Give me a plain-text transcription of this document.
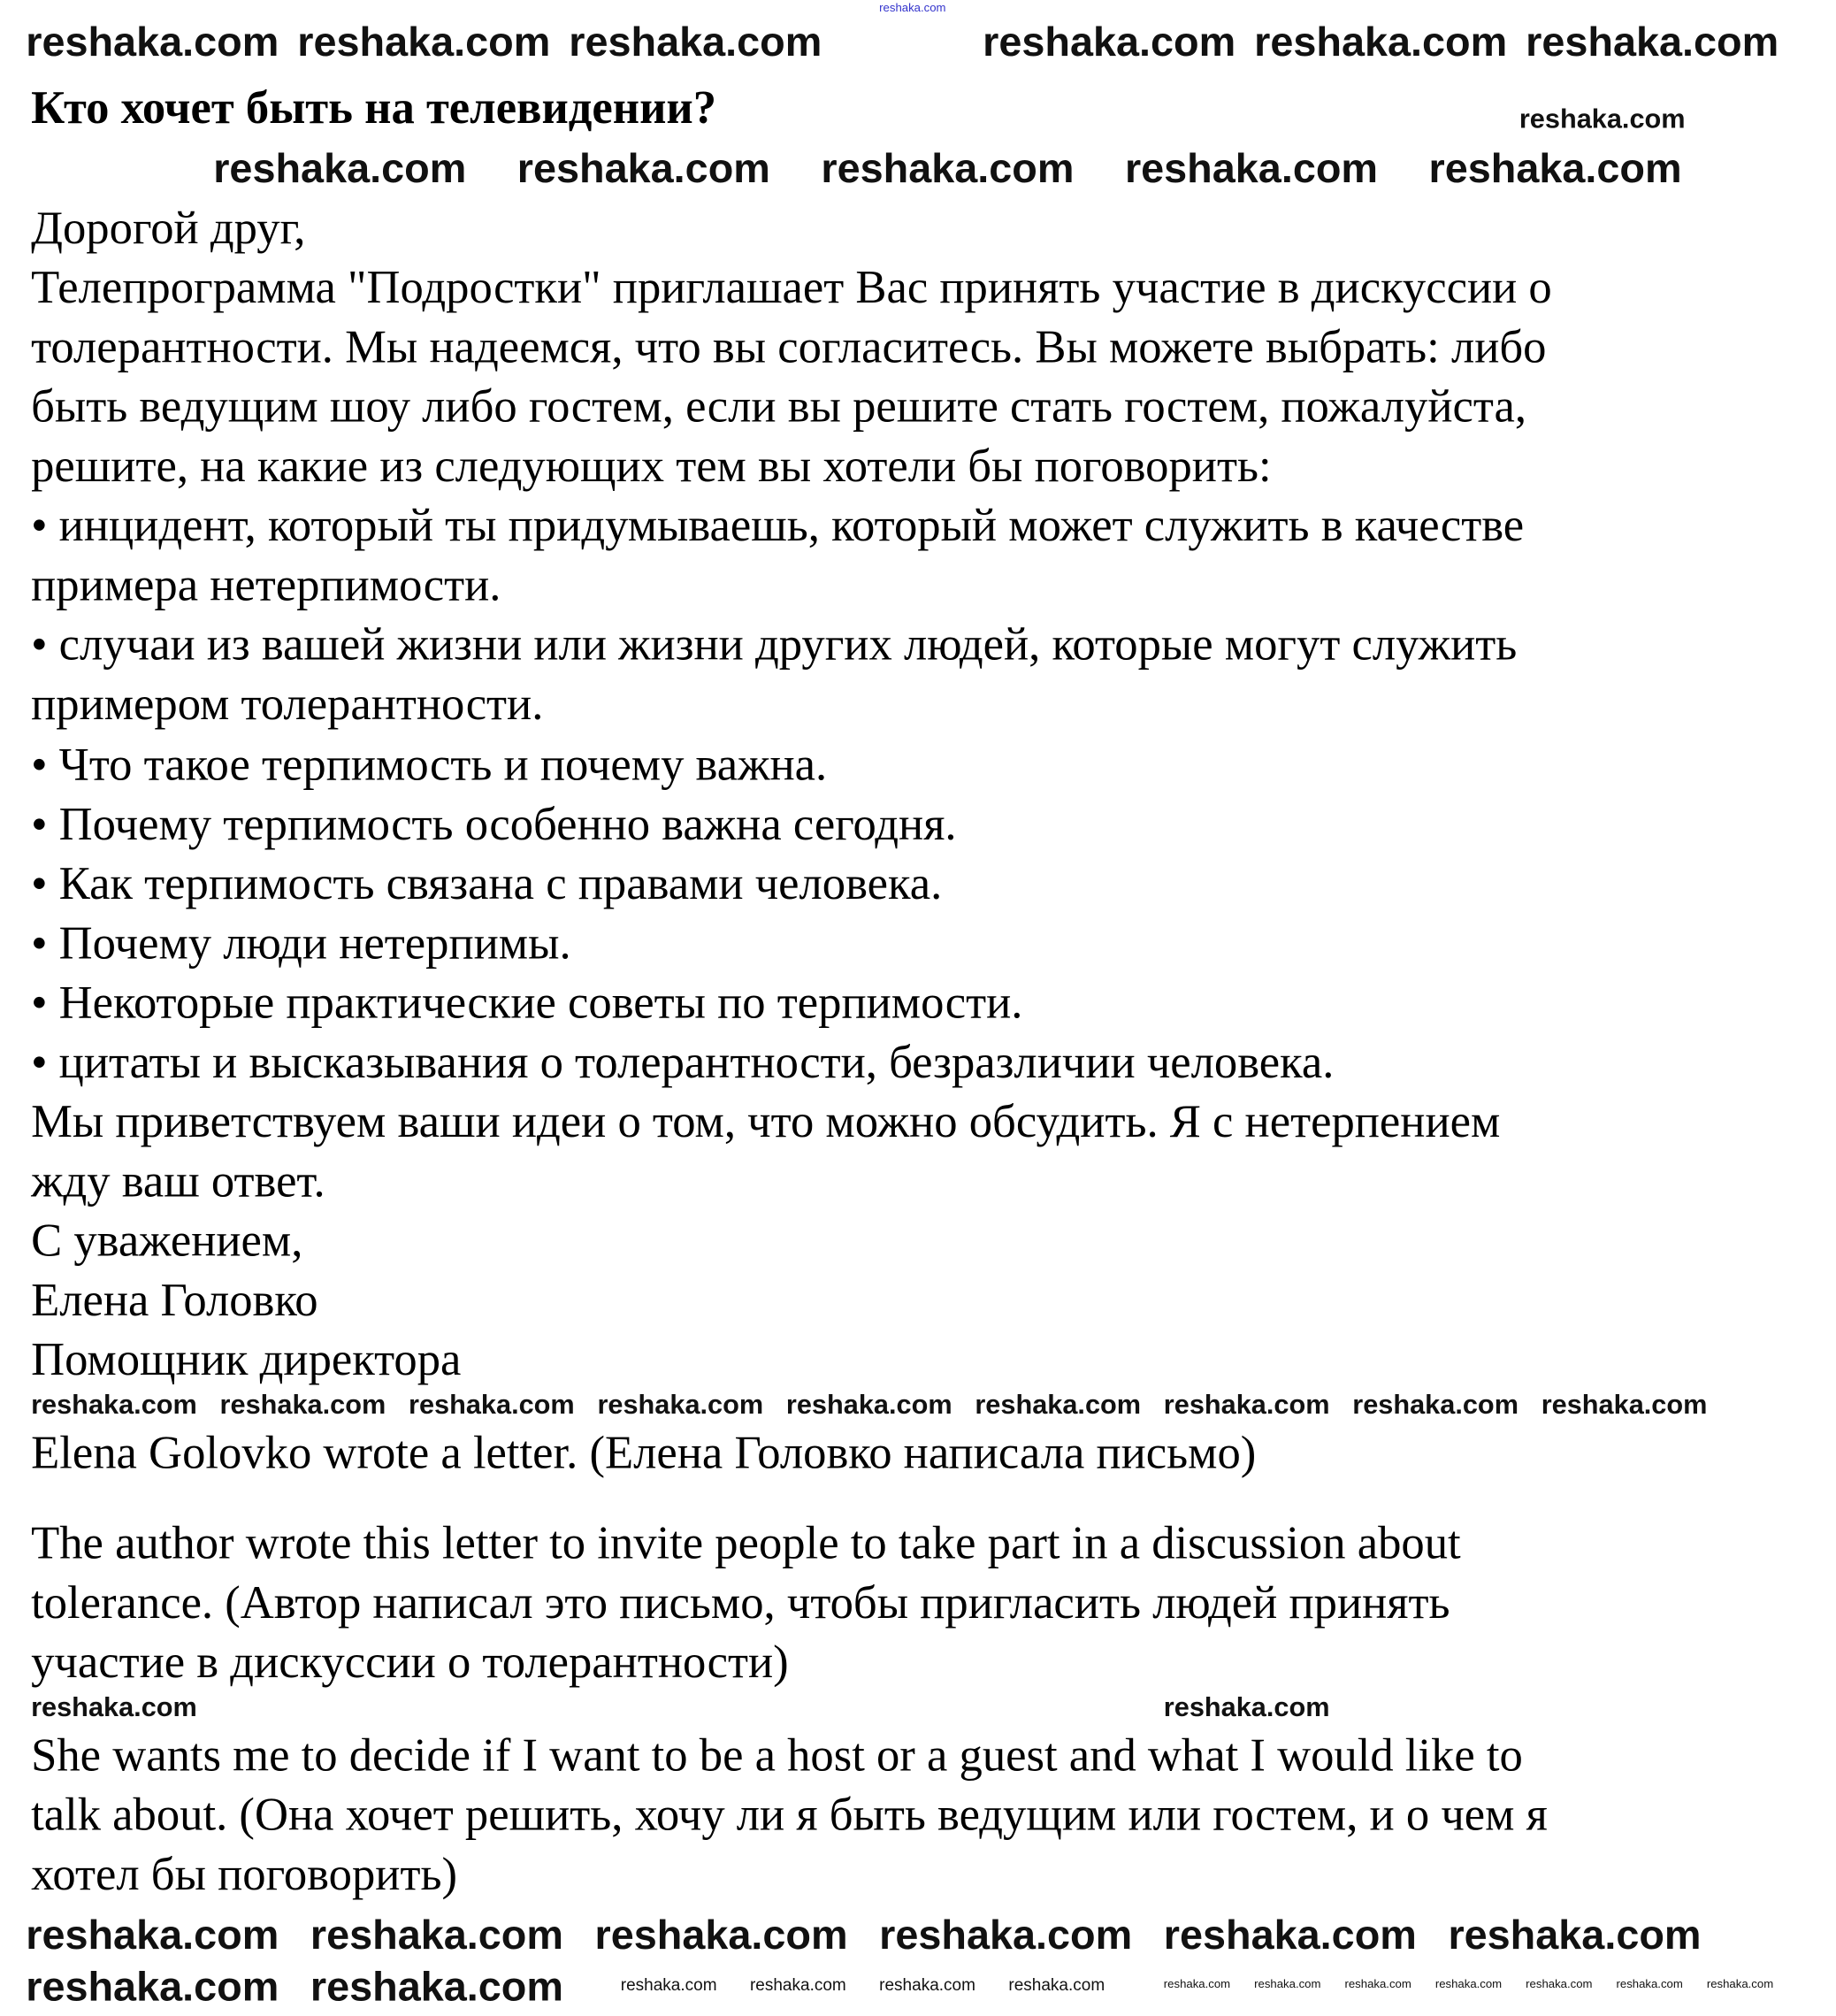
Кто хочет быть на телевидении?
Дорогой друг,
Телепрограмма "Подростки" приглашает Вас принять участие в дискуссии о
толерантности. Мы надеемся, что вы согласитесь. Вы можете выбрать: либо
быть ведущим шоу либо гостем, если вы решите стать гостем, пожалуйста,
решите, на какие из следующих тем вы хотели бы поговорить:
• инцидент, который ты придумываешь, который может служить в качестве
примера нетерпимости.
• случаи из вашей жизни или жизни других людей, которые могут служить
примером толерантности.
• Что такое терпимость и почему важна.
• Почему терпимость особенно важна сегодня.
• Как терпимость связана с правами человека.
• Почему люди нетерпимы.
• Некоторые практические советы по терпимости.
• цитаты и высказывания о толерантности, безразличии человека.
Мы приветствуем ваши идеи о том, что можно обсудить. Я с нетерпением
жду ваш ответ.
С уважением,
Елена Головко
Помощник директора
Elena Golovko wrote a letter. (Елена Головко написала письмо)
The author wrote this letter to invite people to take part in a discussion about
tolerance. (Автор написал это письмо, чтобы пригласить людей принять
участие в дискуссии о толерантности)
She wants me to decide if I want to be a host or a guest and what I would like to
talk about. (Она хочет решить, хочу ли я быть ведущим или гостем, и о чем я
хотел бы поговорить)
reshaka.com
reshaka.com reshaka.com reshaka.com	reshaka.com reshaka.com reshaka.com
reshaka.com
reshaka.com reshaka.com reshaka.com reshaka.com reshaka.com
reshaka.com reshaka.com reshaka.com reshaka.com reshaka.com reshaka.com reshaka.com reshaka.com reshaka.com
reshaka.com	reshaka.com
reshaka.com reshaka.com reshaka.com reshaka.com reshaka.com reshaka.com
reshaka.com reshaka.com	reshaka.com	reshaka.com	reshaka.com	reshaka.com	reshaka.com	reshaka.com	reshaka.com	reshaka.com	reshaka.com	reshaka.com	reshaka.com
